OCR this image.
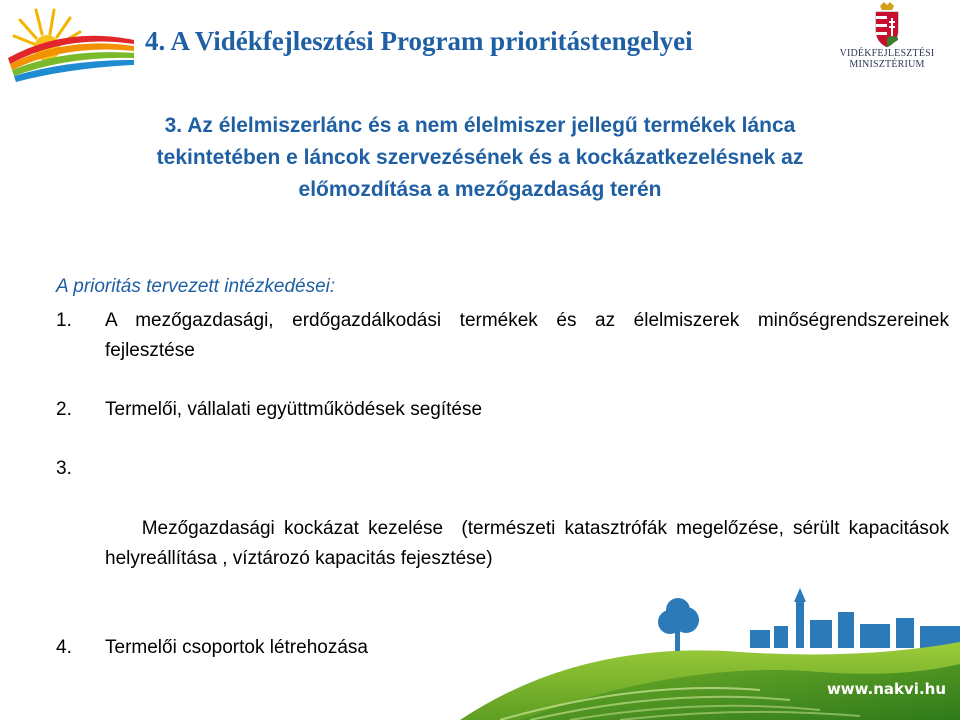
4. A Vidékfejlesztési Program prioritástengelyei	VIDÉKFEJLESZTÉSI
MINISZTÉRIUM
3. Az élelmiszerlánc és a nem élelmiszer jellegű termékek lánca
tekintetében e láncok szervezésének és a kockázatkezelésnek az
előmozdítása a mezőgazdaság terén
A prioritás tervezett intézkedései:
1. A mezőgazdasági, erdőgazdálkodási termékek és az élelmiszerek minőségrendszereinek fejlesztése
2. Termelői, vállalati együttműködések segítése

3.

Mezőgazdasági kockázat kezelése  (természeti katasztrófák megelőzése, sérült kapacitások helyreállítása , víztározó kapacitás fejesztése)

4. Termelői csoportok létrehozása
www.nakvi.hu
